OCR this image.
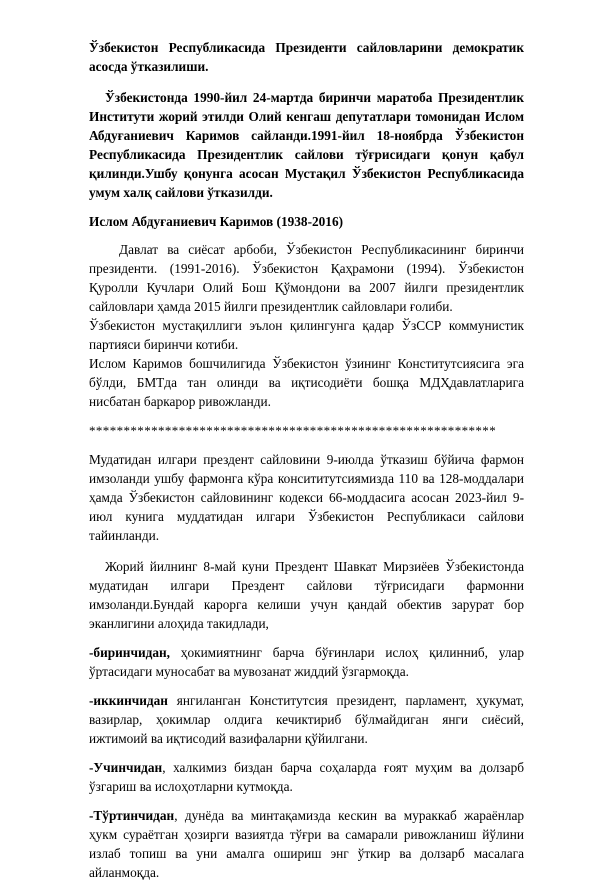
Ўзбекистон Республикасида Президенти сайловларини демократик асосда ўтказилиши.

Ўзбекистонда 1990-йил 24-мартда биринчи маратоба Президентлик Институти жорий этилди Олий кенгаш депутатлари томонидан Ислом Абдуғаниевич Каримов сайланди.1991-йил 18-ноябрда Ўзбекистон Республикасида Президентлик сайлови тўғрисидаги қонун қабул қилинди.Ушбу қонунга асосан Мустақил Ўзбекистон Республикасида умум халқ сайлови ўтказилди.

Ислом Абдуғаниевич Каримов (1938-2016)

Давлат ва сиёсат арбоби, Ўзбекистон Республикасининг биринчи президенти. (1991-2016). Ўзбекистон Қаҳрамони (1994). Ўзбекистон Қуролли Кучлари Олий Бош Қўмондони ва 2007 йилги президентлик сайловлари ҳамда 2015 йилги президентлик сайловлари ғолиби.

Ўзбекистон мустақиллиги эълон қилингунга қадар ЎзССР коммунистик партияси биринчи котиби.

Ислом Каримов бошчилигида Ўзбекистон ўзининг Конститутсиясига эга бўлди, БМТда тан олинди ва иқтисодиёти бошқа МДҲдавлатларига нисбатан баркарор ривожланди.

***********************************************************

Мудатидан илгари прездент сайловини 9-июлда ўтказиш бўйича фармон имзоланди ушбу фармонга кўра консититутсиямизда 110 ва 128-моддалари ҳамда Ўзбекистон сайловининг кодекси 66-моддасига асосан 2023-йил 9-июл кунига муддатидан илгари Ўзбекистон Республикаси сайлови тайинланди.

Жорий йилнинг 8-май куни Прездент Шавкат Мирзиёев Ўзбекистонда мудатидан илгари Прездент сайлови тўғрисидаги фармонни имзоланди.Бундай карорга келиши учун қандай обектив зарурат бор эканлигини алоҳида такидлади,

-биринчидан, ҳокимиятнинг барча бўғинлари ислоҳ қилинниб, улар ўртасидаги муносабат ва мувозанат жиддий ўзгармоқда.

-иккинчидан янгиланган Конститутсия президент, парламент, ҳукумат, вазирлар, ҳокимлар олдига кечиктириб бўлмайдиган янги сиёсий, ижтимоий ва иқтисодий вазифаларни қўйилгани.

-Учинчидан, халкимиз биздан барча соҳаларда ғоят муҳим ва долзарб ўзгариш ва ислоҳотларни кутмоқда.

-Тўртинчидан, дунёда ва минтақамизда кескин ва мураккаб жараёнлар ҳукм сураётган ҳозирги вазиятда тўғри ва самарали ривожланиш йўлини излаб топиш ва уни амалга ошириш энг ўткир ва долзарб масалага айланмоқда.
